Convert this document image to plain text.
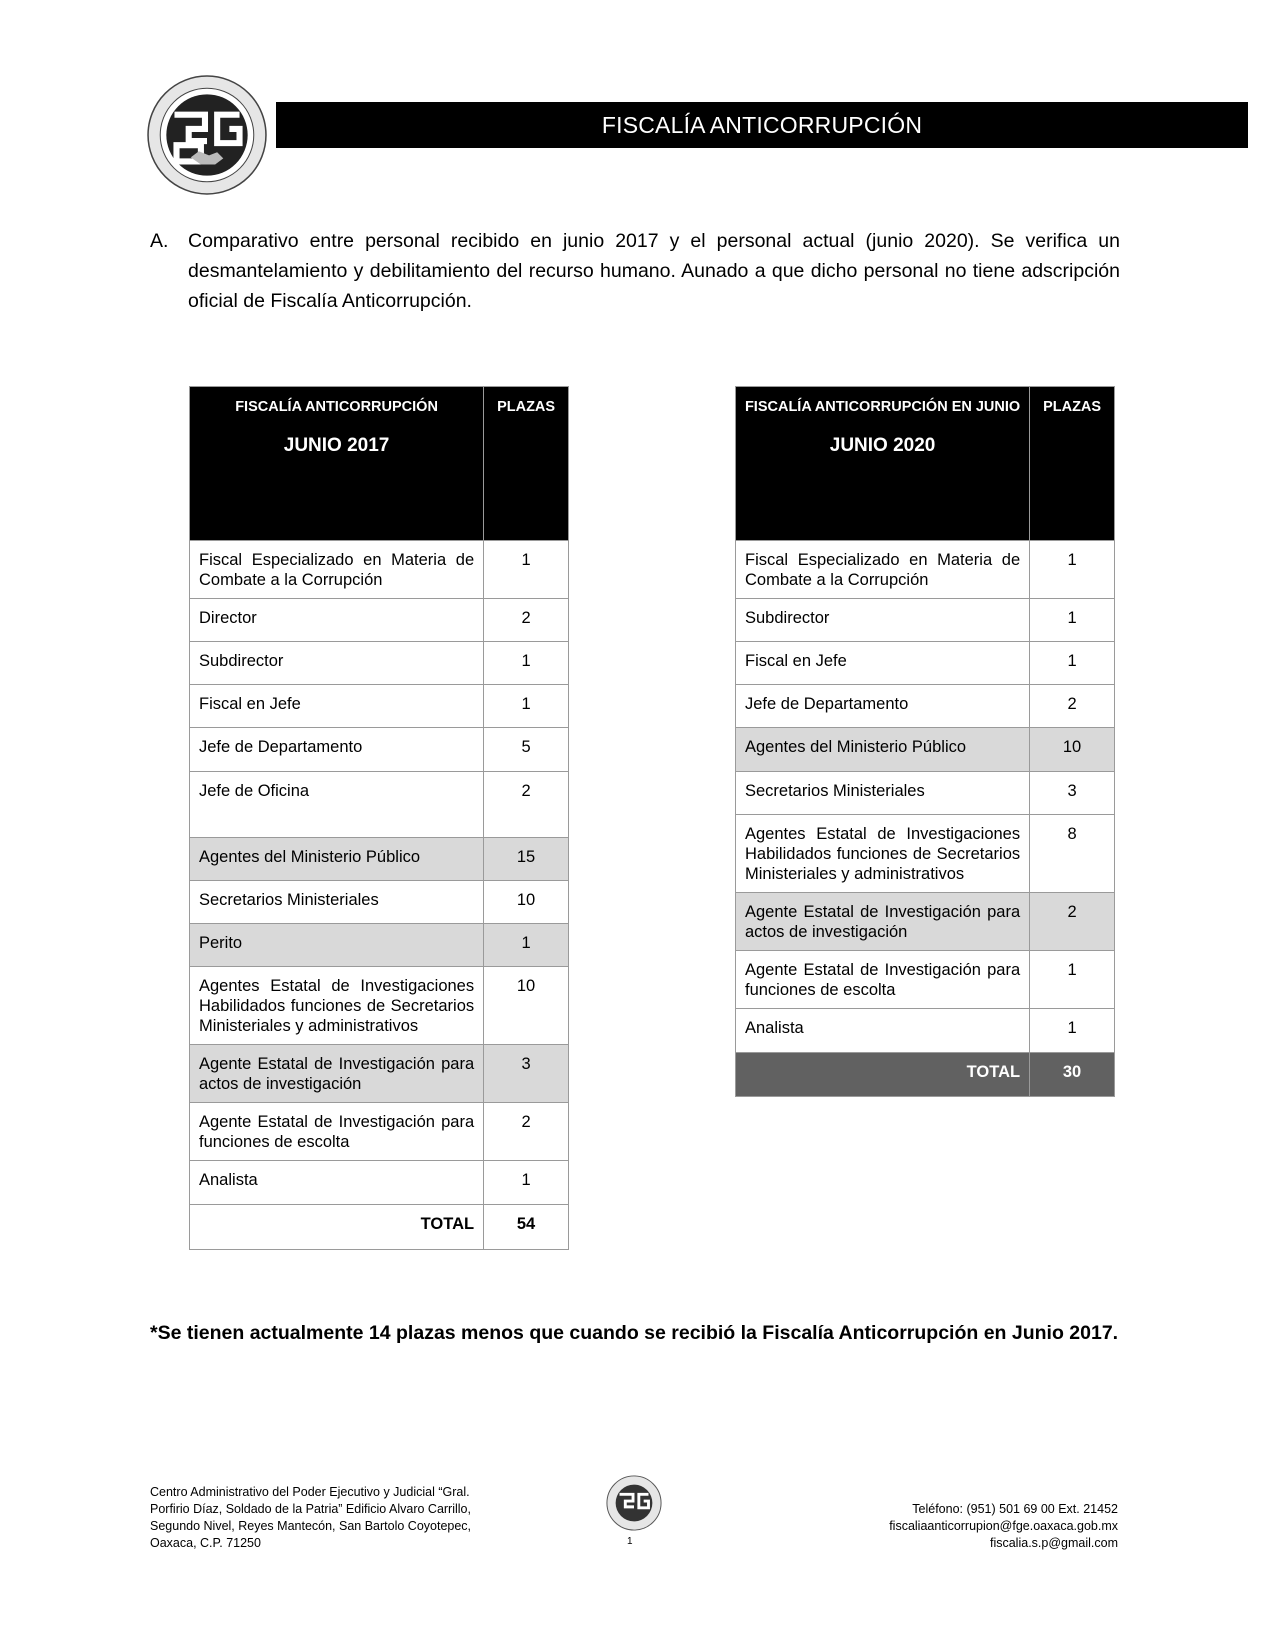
FISCALÍA ANTICORRUPCIÓN
A. Comparativo entre personal recibido en junio 2017 y el personal actual (junio 2020). Se verifica un desmantelamiento y debilitamiento del recurso humano. Aunado a que dicho personal no tiene adscripción oficial de Fiscalía Anticorrupción.
FISCALÍA ANTICORRUPCIÓN
JUNIO 2017	PLAZAS

Fiscal Especializado en Materia de Combate a la Corrupción	1
Director	2
Subdirector	1
Fiscal en Jefe	1
Jefe de Departamento	5
Jefe de Oficina	2
Agentes del Ministerio Público	15
Secretarios Ministeriales	10
Perito	1
Agentes Estatal de Investigaciones Habilidados funciones de Secretarios Ministeriales y administrativos	10
Agente Estatal de Investigación para actos de investigación	3
Agente Estatal de Investigación para funciones de escolta	2
Analista	1
TOTAL	54
FISCALÍA ANTICORRUPCIÓN EN JUNIO
JUNIO 2020	PLAZAS

Fiscal Especializado en Materia de Combate a la Corrupción	1
Subdirector	1
Fiscal en Jefe	1
Jefe de Departamento	2
Agentes del Ministerio Público	10
Secretarios Ministeriales	3
Agentes Estatal de Investigaciones Habilidados funciones de Secretarios Ministeriales y administrativos	8
Agente Estatal de Investigación para actos de investigación	2
Agente Estatal de Investigación para funciones de escolta	1
Analista	1
TOTAL	30
*Se tienen actualmente 14 plazas menos que cuando se recibió la Fiscalía Anticorrupción en Junio 2017.
Centro Administrativo del Poder Ejecutivo y Judicial “Gral.
Porfirio Díaz, Soldado de la Patria” Edificio Alvaro Carrillo,
Segundo Nivel, Reyes Mantecón, San Bartolo Coyotepec,
Oaxaca, C.P. 71250	1
Teléfono: (951) 501 69 00 Ext. 21452
fiscaliaanticorrupion@fge.oaxaca.gob.mx
fiscalia.s.p@gmail.com
